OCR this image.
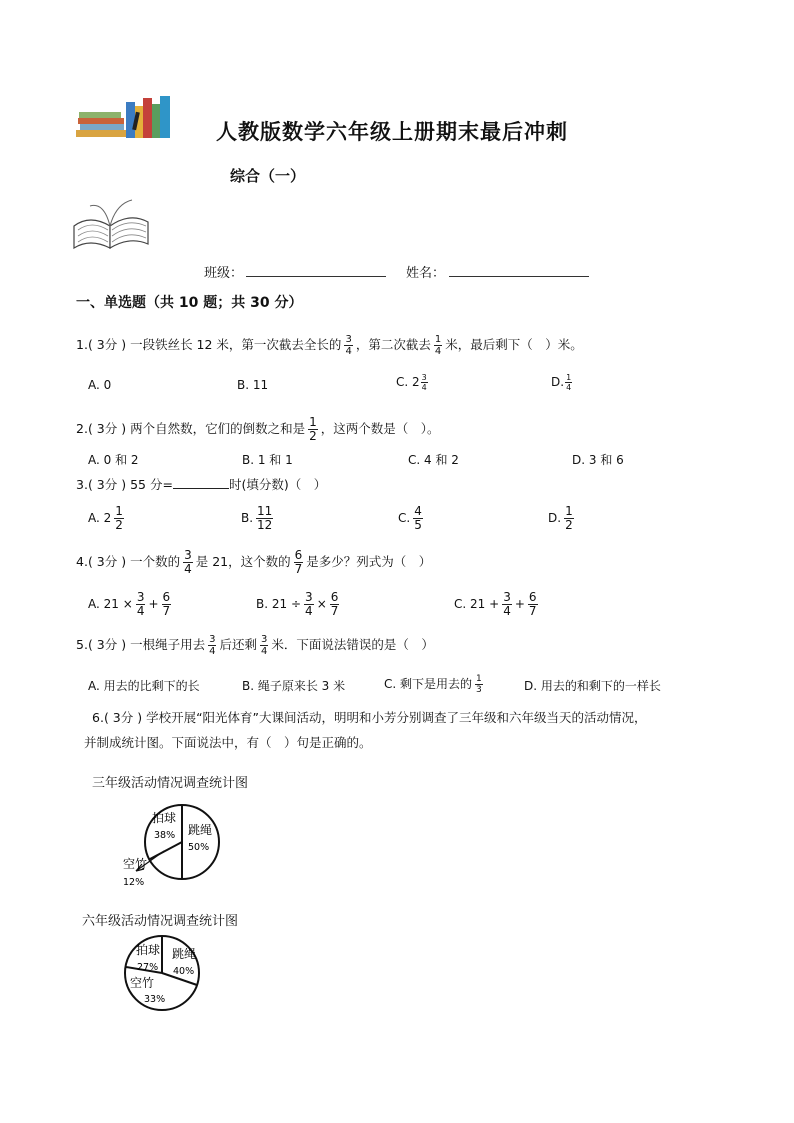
人教版数学六年级上册期末最后冲刺
综合（一）
班级：	姓名：
一、单选题（共 10 题；共 30 分）
1.( 3分 ) 一段铁丝长 12 米，第一次截去全长的 $\frac{3}{4}$ ，第二次截去 $\frac{1}{4}$ 米，最后剩下（　）米。
A. 0	B. 11	C. $2 \frac{3}{4}$	D. $\frac{1}{4}$
2.( 3分 ) 两个自然数，它们的倒数之和是 $\frac{1}{2}$ ，这两个数是（　）。
A. 0 和 2	B. 1 和 1	C. 4 和 2	D. 3 和 6
3.( 3分 ) 55 分=	时(填分数)（　）
A. $2 \frac{1}{2}$	B. $\frac{11}{12}$	C. $\frac{4}{5}$	D. $\frac{1}{2}$
4.( 3分 ) 一个数的 $\frac{3}{4}$ 是 21，这个数的 $\frac{6}{7}$ 是多少？列式为（　）
A. $21 \times \frac{3}{4} + \frac{6}{7}$	B. $21 \div \frac{3}{4} \times \frac{6}{7}$	C. $21 + \frac{3}{4} + \frac{6}{7}$
5.( 3分 ) 一根绳子用去 $\frac{3}{4}$ 后还剩 $\frac{3}{4}$ 米．下面说法错误的是（　）
A. 用去的比剩下的长	B. 绳子原来长 3 米	C. 剩下是用去的 $\frac{1}{3}$	D. 用去的和剩下的一样长
6.( 3分 ) 学校开展“阳光体育”大课间活动，明明和小芳分别调查了三年级和六年级当天的活动情况，
并制成统计图。下面说法中，有（　）句是正确的。
三年级活动情况调查统计图
跳绳
50%
拍球
38%
空竹
12%
六年级活动情况调查统计图
拍球
27%
跳绳
40%
空竹
33%
